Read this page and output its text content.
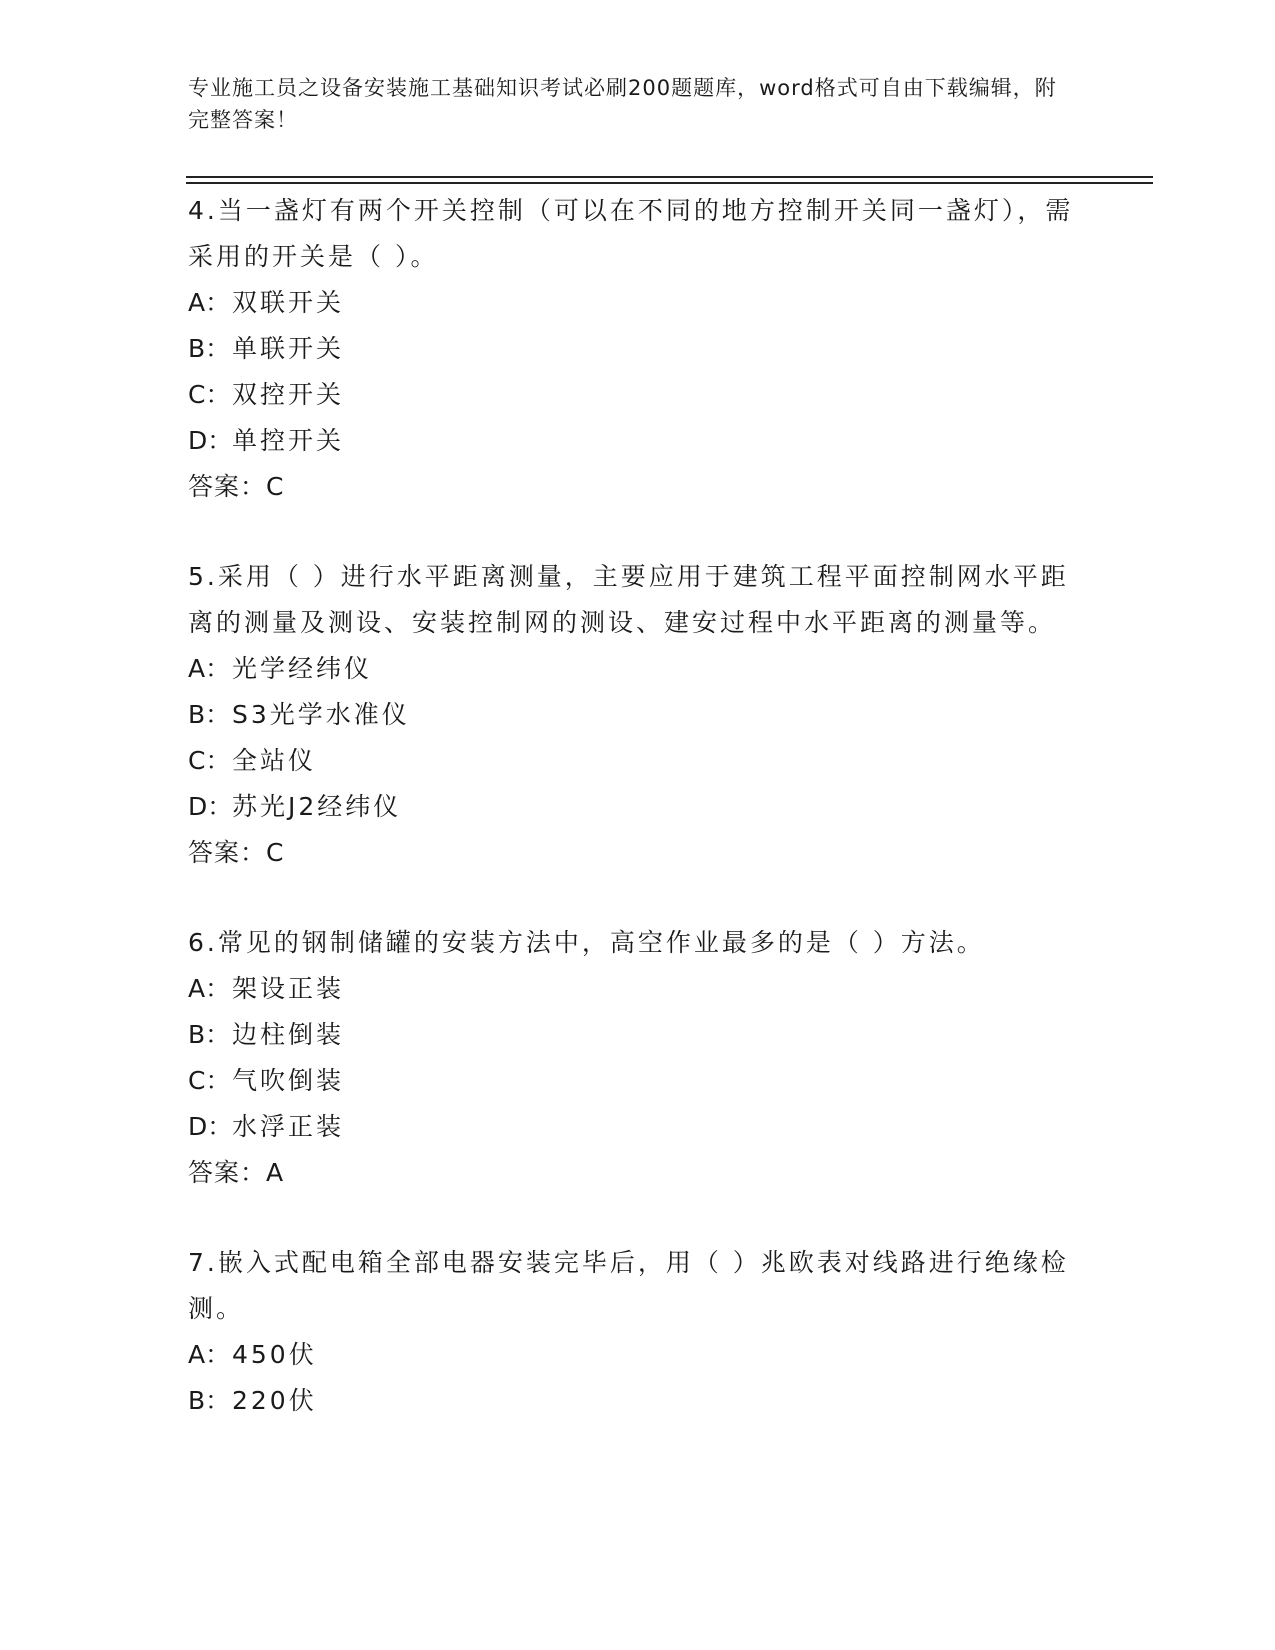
专业施工员之设备安装施工基础知识考试必刷200题题库，word格式可自由下载编辑，附完整答案！
4.当一盏灯有两个开关控制（可以在不同的地方控制开关同一盏灯），需采用的开关是（ ）。
A：双联开关
B：单联开关
C：双控开关
D：单控开关
答案：C
5.采用（ ）进行水平距离测量，主要应用于建筑工程平面控制网水平距离的测量及测设、安装控制网的测设、建安过程中水平距离的测量等。
A：光学经纬仪
B：S3光学水准仪
C：全站仪
D：苏光J2经纬仪
答案：C
6.常见的钢制储罐的安装方法中，高空作业最多的是（ ）方法。
A：架设正装
B：边柱倒装
C：气吹倒装
D：水浮正装
答案：A
7.嵌入式配电箱全部电器安装完毕后，用（ ）兆欧表对线路进行绝缘检测。
A：450伏
B：220伏
